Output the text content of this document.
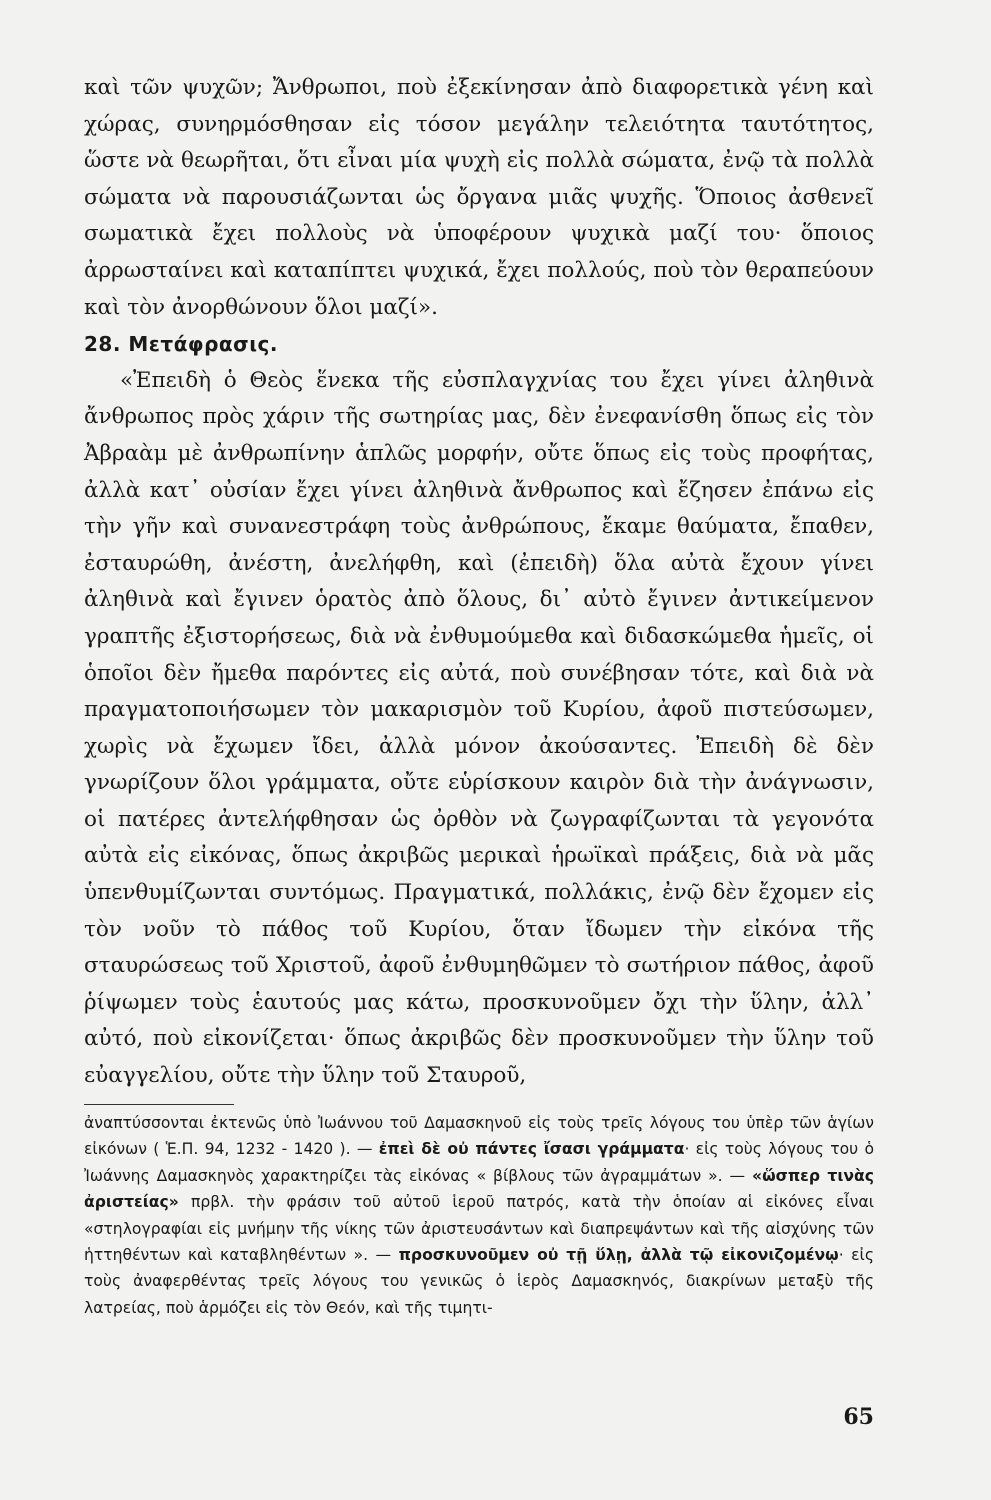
καὶ τῶν ψυχῶν; Ἄνθρωποι, ποὺ ἐξεκίνησαν ἀπὸ διαφορετικὰ γένη καὶ χώρας, συνηρμόσθησαν εἰς τόσον μεγάλην τελειότητα ταυτότητος, ὥστε νὰ θεωρῆται, ὅτι εἶναι μία ψυχὴ εἰς πολλὰ σώματα, ἐνῷ τὰ πολλὰ σώματα νὰ παρουσιάζωνται ὡς ὄργανα μιᾶς ψυχῆς. Ὅποιος ἀσθενεῖ σωματικὰ ἔχει πολλοὺς νὰ ὑποφέρουν ψυχικὰ μαζί του· ὅποιος ἀρρωσταίνει καὶ καταπίπτει ψυχικά, ἔχει πολλούς, ποὺ τὸν θεραπεύουν καὶ τὸν ἀνορθώνουν ὅλοι μαζί».

28. Μετάφρασις.

«Ἐπειδὴ ὁ Θεὸς ἕνεκα τῆς εὐσπλαγχνίας του ἔχει γίνει ἀληθινὰ ἄνθρωπος πρὸς χάριν τῆς σωτηρίας μας, δὲν ἐνεφανίσθη ὅπως εἰς τὸν Ἀβραὰμ μὲ ἀνθρωπίνην ἁπλῶς μορφήν, οὔτε ὅπως εἰς τοὺς προφήτας, ἀλλὰ κατ᾽ οὐσίαν ἔχει γίνει ἀληθινὰ ἄνθρωπος καὶ ἔζησεν ἐπάνω εἰς τὴν γῆν καὶ συνανεστράφη τοὺς ἀνθρώπους, ἔκαμε θαύματα, ἔπαθεν, ἐσταυρώθη, ἀνέστη, ἀνελήφθη, καὶ (ἐπειδὴ) ὅλα αὐτὰ ἔχουν γίνει ἀληθινὰ καὶ ἔγινεν ὁρατὸς ἀπὸ ὅλους, δι᾽ αὐτὸ ἔγινεν ἀντικείμενον γραπτῆς ἐξιστορήσεως, διὰ νὰ ἐνθυμούμεθα καὶ διδασκώμεθα ἡμεῖς, οἱ ὁποῖοι δὲν ἤμεθα παρόντες εἰς αὐτά, ποὺ συνέβησαν τότε, καὶ διὰ νὰ πραγματοποιήσωμεν τὸν μακαρισμὸν τοῦ Κυρίου, ἀφοῦ πιστεύσωμεν, χωρὶς νὰ ἔχωμεν ἴδει, ἀλλὰ μόνον ἀκούσαντες. Ἐπειδὴ δὲ δὲν γνωρίζουν ὅλοι γράμματα, οὔτε εὑρίσκουν καιρὸν διὰ τὴν ἀνάγνωσιν, οἱ πατέρες ἀντελήφθησαν ὡς ὀρθὸν νὰ ζωγραφίζωνται τὰ γεγονότα αὐτὰ εἰς εἰκόνας, ὅπως ἀκριβῶς μερικαὶ ἡρωϊκαὶ πράξεις, διὰ νὰ μᾶς ὑπενθυμίζωνται συντόμως. Πραγματικά, πολλάκις, ἐνῷ δὲν ἔχομεν εἰς τὸν νοῦν τὸ πάθος τοῦ Κυρίου, ὅταν ἴδωμεν τὴν εἰκόνα τῆς σταυρώσεως τοῦ Χριστοῦ, ἀφοῦ ἐνθυμηθῶμεν τὸ σωτήριον πάθος, ἀφοῦ ῥίψωμεν τοὺς ἑαυτούς μας κάτω, προσκυνοῦμεν ὄχι τὴν ὕλην, ἀλλ᾽ αὐτό, ποὺ εἰκονίζεται· ὅπως ἀκριβῶς δὲν προσκυνοῦμεν τὴν ὕλην τοῦ εὐαγγελίου, οὔτε τὴν ὕλην τοῦ Σταυροῦ,

ἀναπτύσσονται ἐκτενῶς ὑπὸ Ἰωάννου τοῦ Δαμασκηνοῦ εἰς τοὺς τρεῖς λόγους του ὑπὲρ τῶν ἁγίων εἰκόνων ( Ἑ.Π. 94, 1232 - 1420 ). — ἐπεὶ δὲ οὐ πάντες ἴσασι γράμματα· εἰς τοὺς λόγους του ὁ Ἰωάννης Δαμασκηνὸς χαρακτηρίζει τὰς εἰκόνας « βίβλους τῶν ἀγραμμάτων ». — «ὥσπερ τινὰς ἀριστείας» πρβλ. τὴν φράσιν τοῦ αὐτοῦ ἱεροῦ πατρός, κατὰ τὴν ὁποίαν αἱ εἰκόνες εἶναι «στηλογραφίαι εἰς μνήμην τῆς νίκης τῶν ἀριστευσάντων καὶ διαπρεψάντων καὶ τῆς αἰσχύνης τῶν ἡττηθέντων καὶ καταβληθέντων ». — προσκυνοῦμεν οὐ τῇ ὕλῃ, ἀλλὰ τῷ εἰκονιζομένῳ· εἰς τοὺς ἀναφερθέντας τρεῖς λόγους του γενικῶς ὁ ἱερὸς Δαμασκηνός, διακρίνων μεταξὺ τῆς λατρείας, ποὺ ἁρμόζει εἰς τὸν Θεόν, καὶ τῆς τιμητι-

65
